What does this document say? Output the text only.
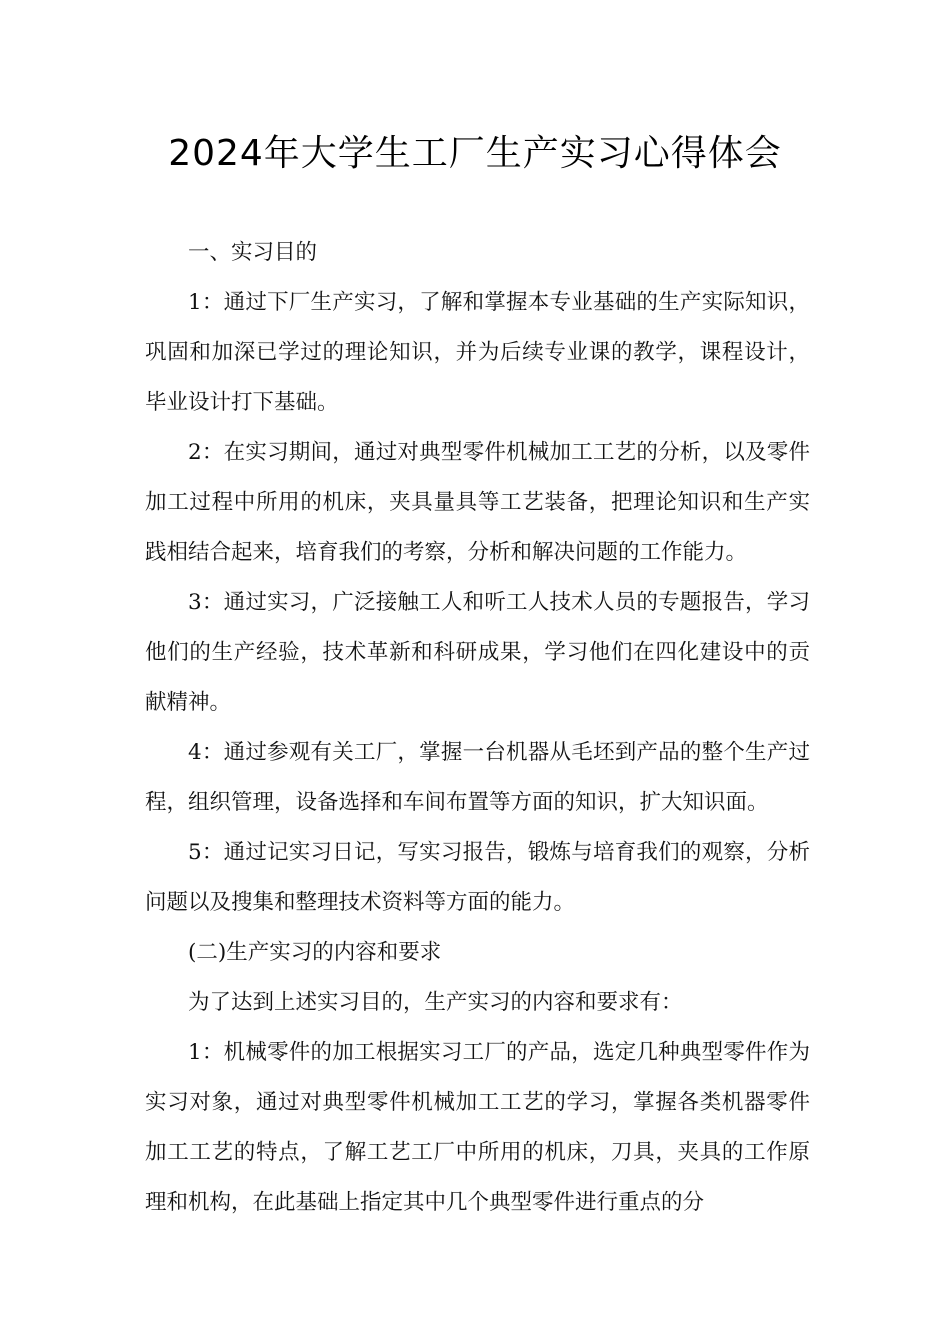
2024年大学生工厂生产实习心得体会

一、实习目的

1：通过下厂生产实习，了解和掌握本专业基础的生产实际知识，巩固和加深已学过的理论知识，并为后续专业课的教学，课程设计，毕业设计打下基础。

2：在实习期间，通过对典型零件机械加工工艺的分析，以及零件加工过程中所用的机床，夹具量具等工艺装备，把理论知识和生产实践相结合起来，培育我们的考察，分析和解决问题的工作能力。

3：通过实习，广泛接触工人和听工人技术人员的专题报告，学习他们的生产经验，技术革新和科研成果，学习他们在四化建设中的贡献精神。

4：通过参观有关工厂，掌握一台机器从毛坯到产品的整个生产过程，组织管理，设备选择和车间布置等方面的知识，扩大知识面。

5：通过记实习日记，写实习报告，锻炼与培育我们的观察，分析问题以及搜集和整理技术资料等方面的能力。

(二)生产实习的内容和要求

为了达到上述实习目的，生产实习的内容和要求有：

1：机械零件的加工根据实习工厂的产品，选定几种典型零件作为实习对象，通过对典型零件机械加工工艺的学习，掌握各类机器零件加工工艺的特点，了解工艺工厂中所用的机床，刀具，夹具的工作原理和机构，在此基础上指定其中几个典型零件进行重点的分
